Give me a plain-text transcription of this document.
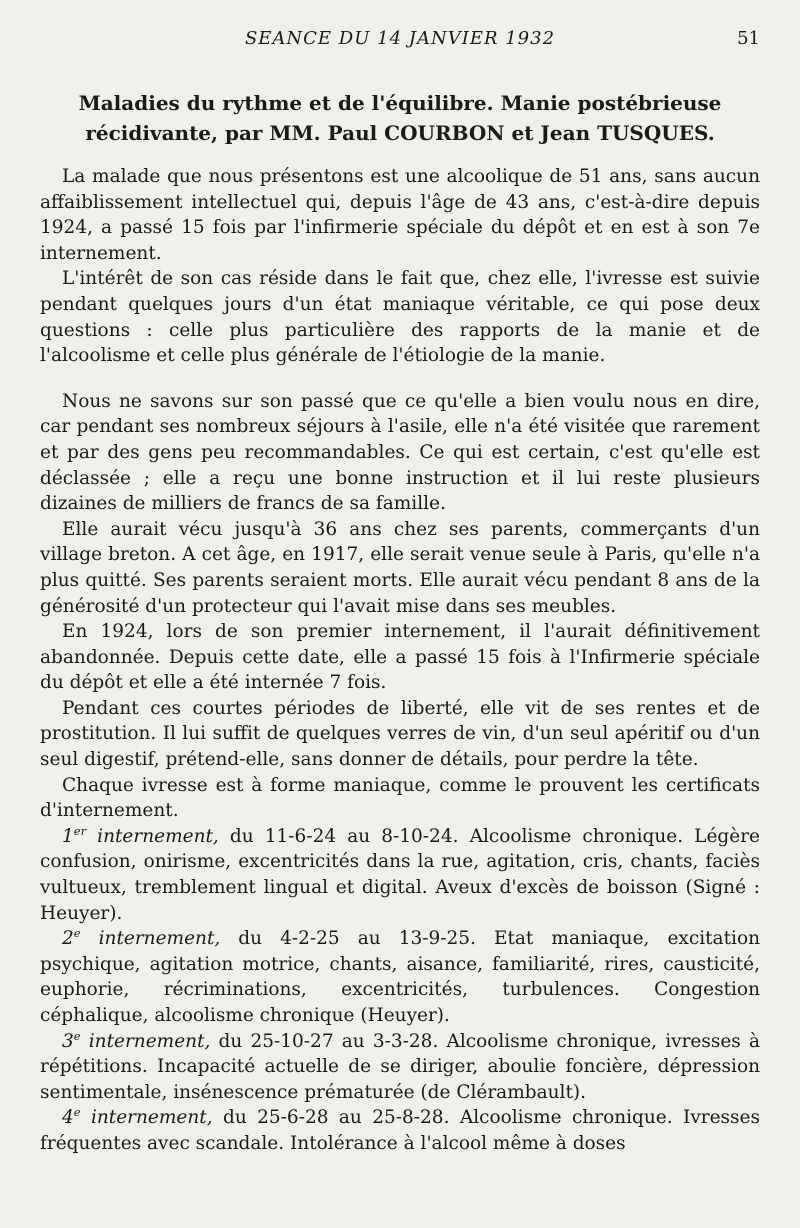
SEANCE DU 14 JANVIER 1932	51
Maladies du rythme et de l'équilibre. Manie postébrieuse
récidivante, par MM. Paul COURBON et Jean TUSQUES.

La malade que nous présentons est une alcoolique de 51 ans, sans aucun affaiblissement intellectuel qui, depuis l'âge de 43 ans, c'est-à-dire depuis 1924, a passé 15 fois par l'infirmerie spéciale du dépôt et en est à son 7e internement.

L'intérêt de son cas réside dans le fait que, chez elle, l'ivresse est suivie pendant quelques jours d'un état maniaque véritable, ce qui pose deux questions : celle plus particulière des rapports de la manie et de l'alcoolisme et celle plus générale de l'étiologie de la manie.

Nous ne savons sur son passé que ce qu'elle a bien voulu nous en dire, car pendant ses nombreux séjours à l'asile, elle n'a été visitée que rarement et par des gens peu recommandables. Ce qui est certain, c'est qu'elle est déclassée ; elle a reçu une bonne instruction et il lui reste plusieurs dizaines de milliers de francs de sa famille.

Elle aurait vécu jusqu'à 36 ans chez ses parents, commerçants d'un village breton. A cet âge, en 1917, elle serait venue seule à Paris, qu'elle n'a plus quitté. Ses parents seraient morts. Elle aurait vécu pendant 8 ans de la générosité d'un protecteur qui l'avait mise dans ses meubles.

En 1924, lors de son premier internement, il l'aurait définitivement abandonnée. Depuis cette date, elle a passé 15 fois à l'Infirmerie spéciale du dépôt et elle a été internée 7 fois.

Pendant ces courtes périodes de liberté, elle vit de ses rentes et de prostitution. Il lui suffit de quelques verres de vin, d'un seul apéritif ou d'un seul digestif, prétend-elle, sans donner de détails, pour perdre la tête.

Chaque ivresse est à forme maniaque, comme le prouvent les certificats d'internement.

1er internement, du 11-6-24 au 8-10-24. Alcoolisme chronique. Légère confusion, onirisme, excentricités dans la rue, agitation, cris, chants, faciès vultueux, tremblement lingual et digital. Aveux d'excès de boisson (Signé : Heuyer).

2e internement, du 4-2-25 au 13-9-25. Etat maniaque, excitation psychique, agitation motrice, chants, aisance, familiarité, rires, causticité, euphorie, récriminations, excentricités, turbulences. Congestion céphalique, alcoolisme chronique (Heuyer).

3e internement, du 25-10-27 au 3-3-28. Alcoolisme chronique, ivresses à répétitions. Incapacité actuelle de se diriger, aboulie foncière, dépression sentimentale, insénescence prématurée (de Clérambault).

4e internement, du 25-6-28 au 25-8-28. Alcoolisme chronique. Ivresses fréquentes avec scandale. Intolérance à l'alcool même à doses
